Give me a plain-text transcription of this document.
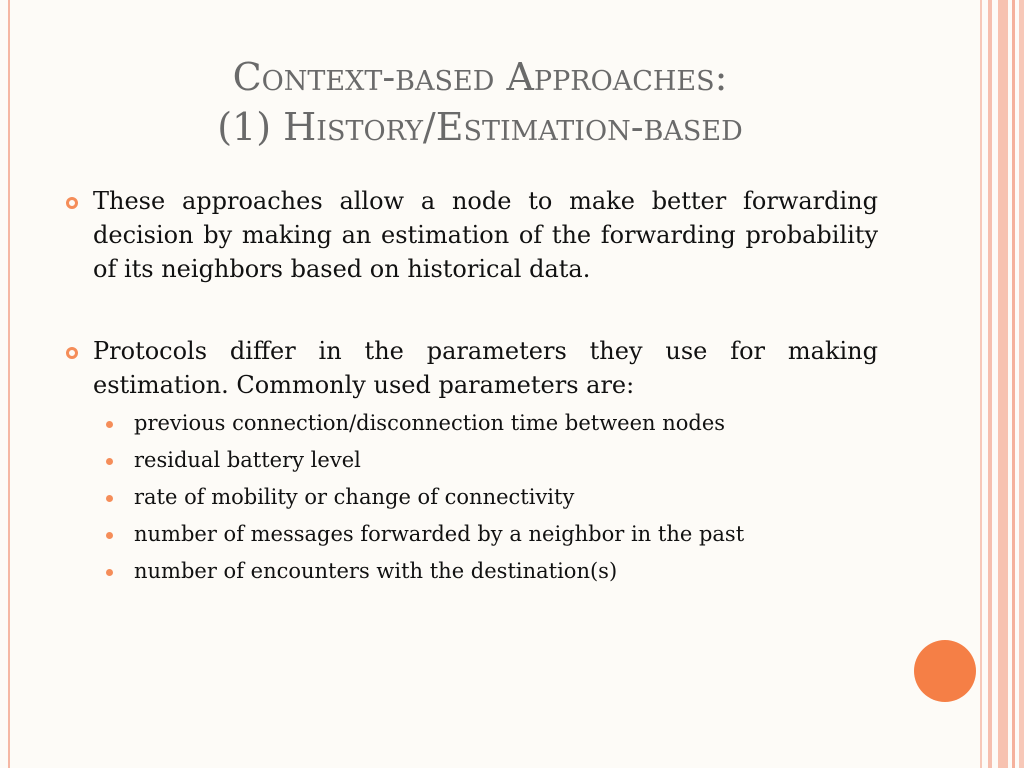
Context-based Approaches:
(1) History/Estimation-based
These approaches allow a node to make better forwarding decision by making an estimation of the forwarding probability of its neighbors based on historical data.
Protocols differ in the parameters they use for making estimation. Commonly used parameters are:
previous connection/disconnection time between nodes
residual battery level
rate of mobility or change of connectivity
number of messages forwarded by a neighbor in the past
number of encounters with the destination(s)
